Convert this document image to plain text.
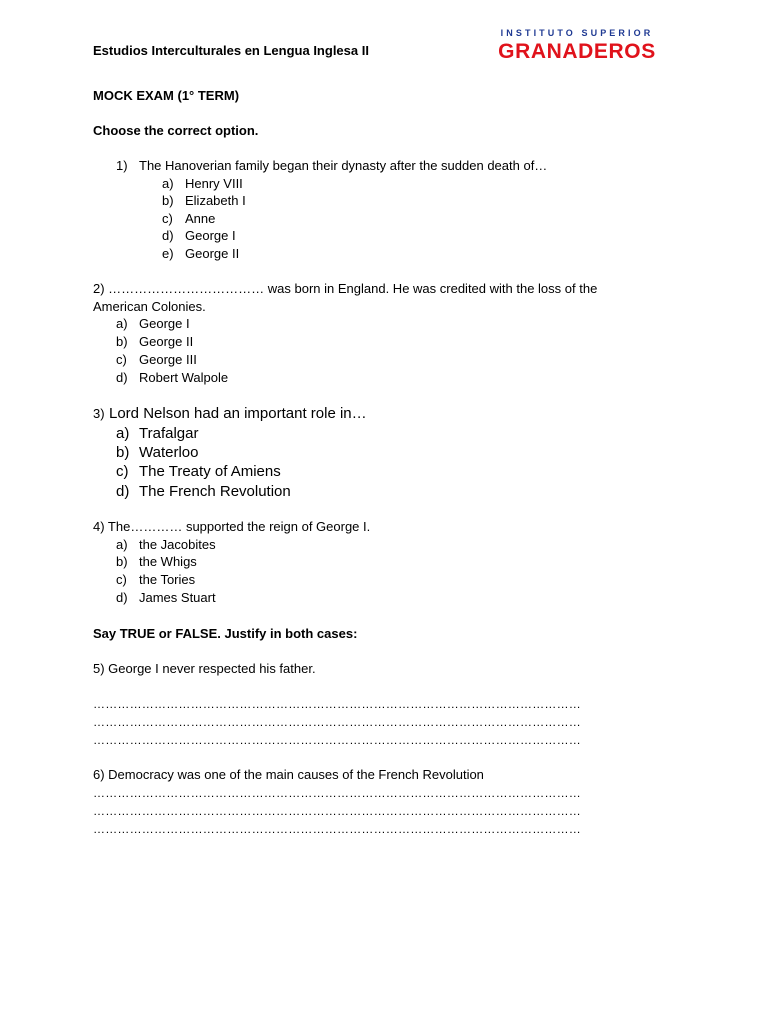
Estudios Interculturales en Lengua Inglesa II
INSTITUTO SUPERIOR
GRANADEROS
MOCK EXAM (1° TERM)
Choose the correct option.
1) The Hanoverian family began their dynasty after the sudden death of…
a) Henry VIII
b) Elizabeth I
c) Anne
d) George I
e) George II
2) ……………………………… was born in England. He was credited with the loss of the
American Colonies.
a) George I
b) George II
c) George III
d) Robert Walpole
3) Lord Nelson had an important role in…
a) Trafalgar
b) Waterloo
c) The Treaty of Amiens
d) The French Revolution
4) The………… supported the reign of George I.
a) the Jacobites
b) the Whigs
c) the Tories
d) James Stuart
Say TRUE or FALSE. Justify in both cases:
5) George I never respected his father.
…………………………………………………………………………………………………………
…………………………………………………………………………………………………………
…………………………………………………………………………………………………………
6) Democracy was one of the main causes of the French Revolution
…………………………………………………………………………………………………………
…………………………………………………………………………………………………………
…………………………………………………………………………………………………………
